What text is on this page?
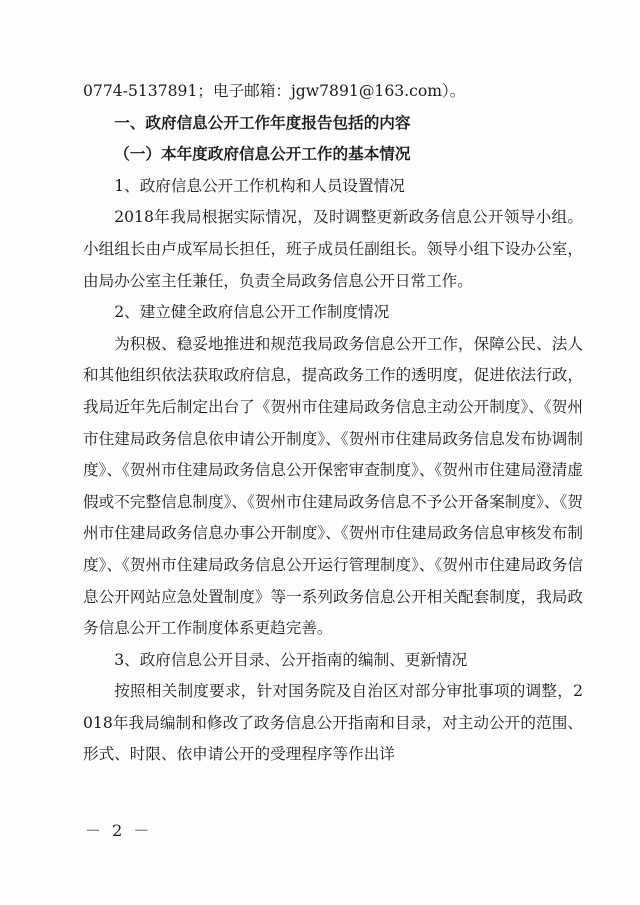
0774-5137891；电子邮箱：jgw7891@163.com）。

一、政府信息公开工作年度报告包括的内容

（一）本年度政府信息公开工作的基本情况

1、政府信息公开工作机构和人员设置情况

2018年我局根据实际情况，及时调整更新政务信息公开领导小组。小组组长由卢成军局长担任，班子成员任副组长。领导小组下设办公室，由局办公室主任兼任，负责全局政务信息公开日常工作。

2、建立健全政府信息公开工作制度情况

为积极、稳妥地推进和规范我局政务信息公开工作，保障公民、法人和其他组织依法获取政府信息，提高政务工作的透明度，促进依法行政，我局近年先后制定出台了《贺州市住建局政务信息主动公开制度》、《贺州市住建局政务信息依申请公开制度》、《贺州市住建局政务信息发布协调制度》、《贺州市住建局政务信息公开保密审查制度》、《贺州市住建局澄清虚假或不完整信息制度》、《贺州市住建局政务信息不予公开备案制度》、《贺州市住建局政务信息办事公开制度》、《贺州市住建局政务信息审核发布制度》、《贺州市住建局政务信息公开运行管理制度》、《贺州市住建局政务信息公开网站应急处置制度》等一系列政务信息公开相关配套制度，我局政务信息公开工作制度体系更趋完善。

3、政府信息公开目录、公开指南的编制、更新情况

按照相关制度要求，针对国务院及自治区对部分审批事项的调整，2018年我局编制和修改了政务信息公开指南和目录，对主动公开的范围、形式、时限、依申请公开的受理程序等作出详

－ 2 －
